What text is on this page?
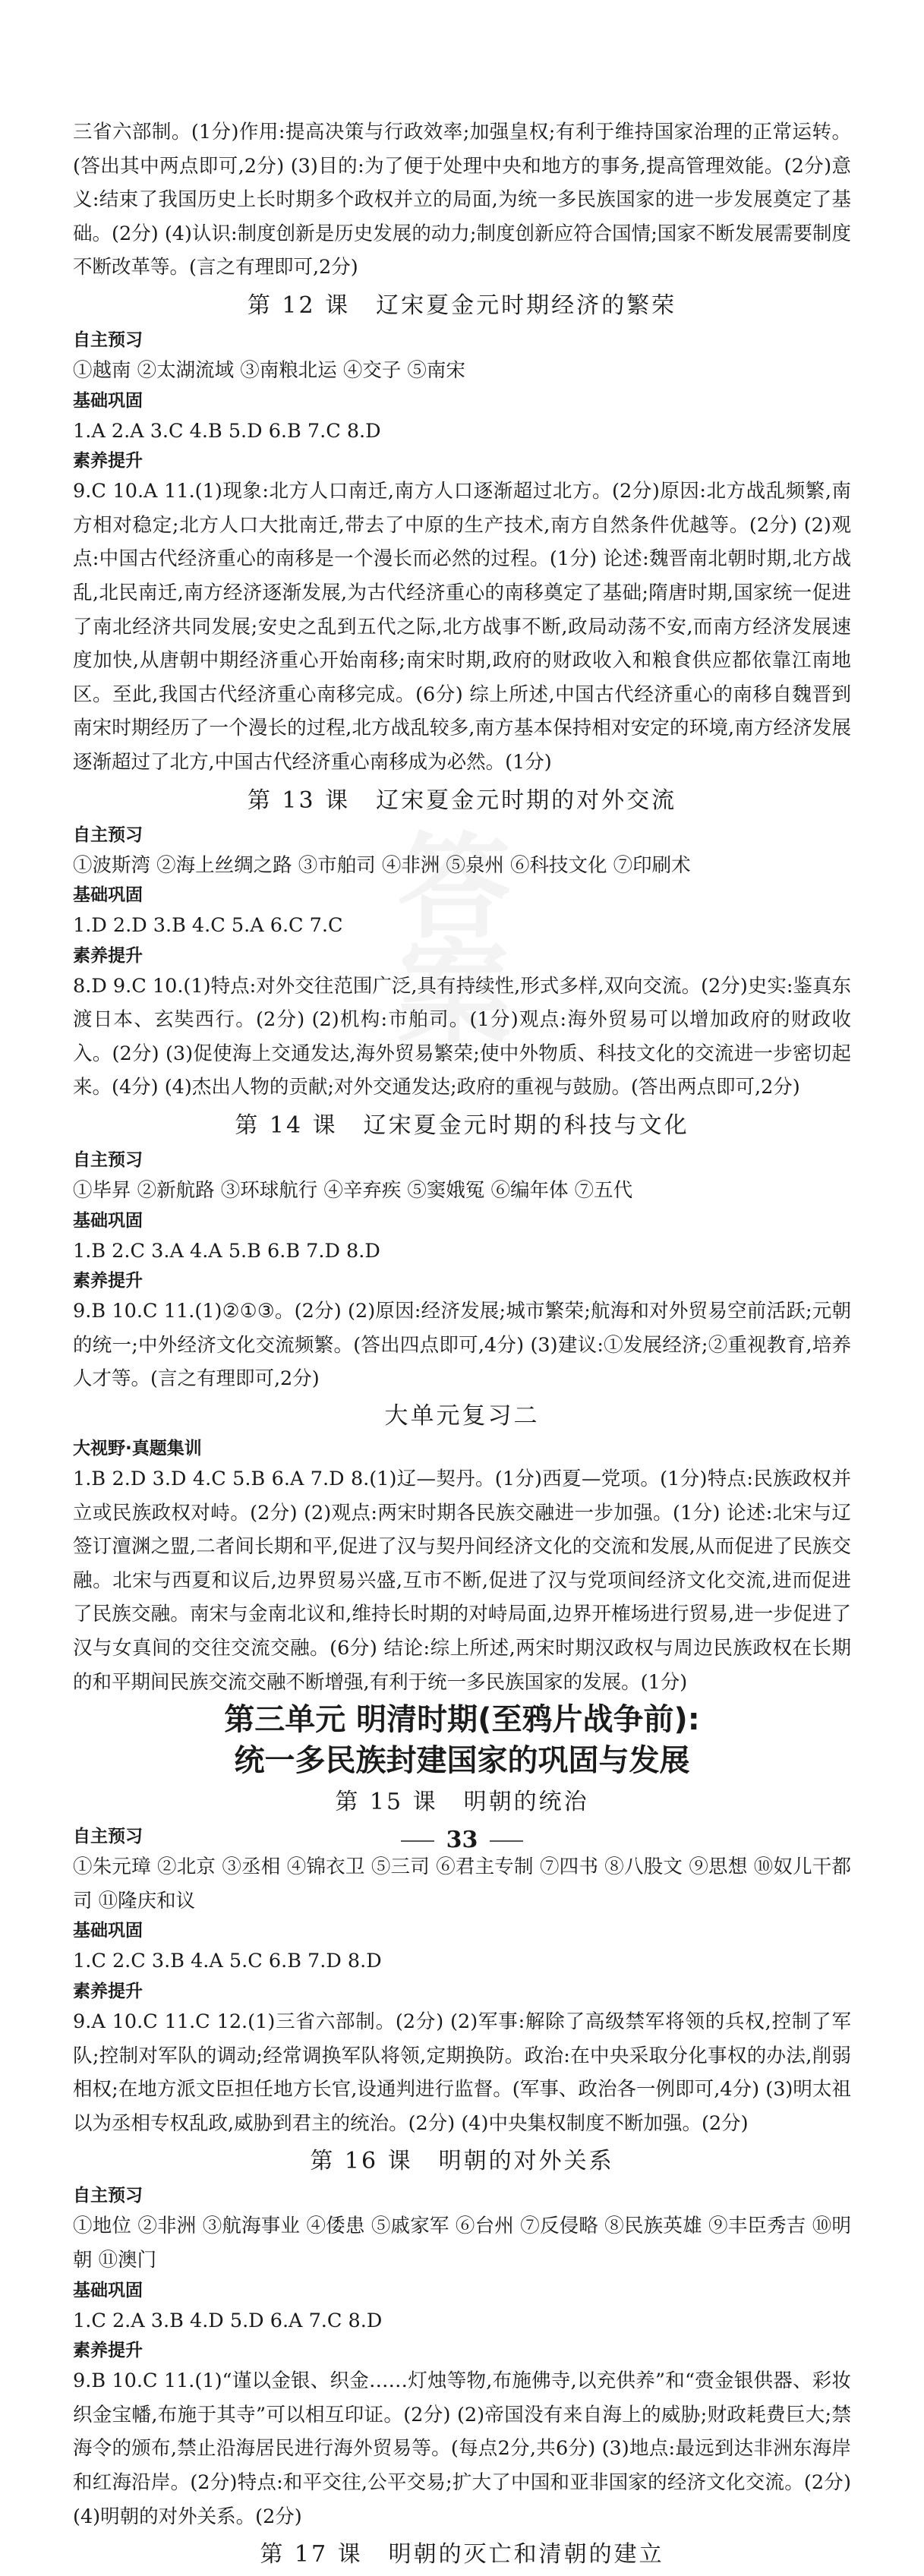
答
案

三省六部制。(1分)作用:提高决策与行政效率;加强皇权;有利于维持国家治理的正常运转。(答出其中两点即可,2分) (3)目的:为了便于处理中央和地方的事务,提高管理效能。(2分)意义:结束了我国历史上长时期多个政权并立的局面,为统一多民族国家的进一步发展奠定了基础。(2分) (4)认识:制度创新是历史发展的动力;制度创新应符合国情;国家不断发展需要制度不断改革等。(言之有理即可,2分)

第 12 课 辽宋夏金元时期经济的繁荣
自主预习

①越南 ②太湖流域 ③南粮北运 ④交子 ⑤南宋

基础巩固

1.A 2.A 3.C 4.B 5.D 6.B 7.C 8.D

素养提升

9.C 10.A 11.(1)现象:北方人口南迁,南方人口逐渐超过北方。(2分)原因:北方战乱频繁,南方相对稳定;北方人口大批南迁,带去了中原的生产技术,南方自然条件优越等。(2分) (2)观点:中国古代经济重心的南移是一个漫长而必然的过程。(1分) 论述:魏晋南北朝时期,北方战乱,北民南迁,南方经济逐渐发展,为古代经济重心的南移奠定了基础;隋唐时期,国家统一促进了南北经济共同发展;安史之乱到五代之际,北方战事不断,政局动荡不安,而南方经济发展速度加快,从唐朝中期经济重心开始南移;南宋时期,政府的财政收入和粮食供应都依靠江南地区。至此,我国古代经济重心南移完成。(6分) 综上所述,中国古代经济重心的南移自魏晋到南宋时期经历了一个漫长的过程,北方战乱较多,南方基本保持相对安定的环境,南方经济发展逐渐超过了北方,中国古代经济重心南移成为必然。(1分)

第 13 课 辽宋夏金元时期的对外交流
自主预习

①波斯湾 ②海上丝绸之路 ③市舶司 ④非洲 ⑤泉州 ⑥科技文化 ⑦印刷术

基础巩固

1.D 2.D 3.B 4.C 5.A 6.C 7.C

素养提升

8.D 9.C 10.(1)特点:对外交往范围广泛,具有持续性,形式多样,双向交流。(2分)史实:鉴真东渡日本、玄奘西行。(2分) (2)机构:市舶司。(1分)观点:海外贸易可以增加政府的财政收入。(2分) (3)促使海上交通发达,海外贸易繁荣;使中外物质、科技文化的交流进一步密切起来。(4分) (4)杰出人物的贡献;对外交通发达;政府的重视与鼓励。(答出两点即可,2分)

第 14 课 辽宋夏金元时期的科技与文化
自主预习

①毕昇 ②新航路 ③环球航行 ④辛弃疾 ⑤窦娥冤 ⑥编年体 ⑦五代

基础巩固

1.B 2.C 3.A 4.A 5.B 6.B 7.D 8.D

素养提升

9.B 10.C 11.(1)②①③。(2分) (2)原因:经济发展;城市繁荣;航海和对外贸易空前活跃;元朝的统一;中外经济文化交流频繁。(答出四点即可,4分) (3)建议:①发展经济;②重视教育,培养人才等。(言之有理即可,2分)

大单元复习二
大视野·真题集训

1.B 2.D 3.D 4.C 5.B 6.A 7.D 8.(1)辽—契丹。(1分)西夏—党项。(1分)特点:民族政权并立或民族政权对峙。(2分) (2)观点:两宋时期各民族交融进一步加强。(1分) 论述:北宋与辽签订澶渊之盟,二者间长期和平,促进了汉与契丹间经济文化的交流和发展,从而促进了民族交融。北宋与西夏和议后,边界贸易兴盛,互市不断,促进了汉与党项间经济文化交流,进而促进了民族交融。南宋与金南北议和,维持长时期的对峙局面,边界开榷场进行贸易,进一步促进了汉与女真间的交往交流交融。(6分) 结论:综上所述,两宋时期汉政权与周边民族政权在长期的和平期间民族交流交融不断增强,有利于统一多民族国家的发展。(1分)

第三单元 明清时期(至鸦片战争前):
统一多民族封建国家的巩固与发展
第 15 课 明朝的统治
自主预习

①朱元璋 ②北京 ③丞相 ④锦衣卫 ⑤三司 ⑥君主专制 ⑦四书 ⑧八股文 ⑨思想 ⑩奴儿干都司 ⑪隆庆和议

基础巩固

1.C 2.C 3.B 4.A 5.C 6.B 7.D 8.D

素养提升

9.A 10.C 11.C 12.(1)三省六部制。(2分) (2)军事:解除了高级禁军将领的兵权,控制了军队;控制对军队的调动;经常调换军队将领,定期换防。政治:在中央采取分化事权的办法,削弱相权;在地方派文臣担任地方长官,设通判进行监督。(军事、政治各一例即可,4分) (3)明太祖以为丞相专权乱政,威胁到君主的统治。(2分) (4)中央集权制度不断加强。(2分)

第 16 课 明朝的对外关系
自主预习

①地位 ②非洲 ③航海事业 ④倭患 ⑤戚家军 ⑥台州 ⑦反侵略 ⑧民族英雄 ⑨丰臣秀吉 ⑩明朝 ⑪澳门

基础巩固

1.C 2.A 3.B 4.D 5.D 6.A 7.C 8.D

素养提升

9.B 10.C 11.(1)“谨以金银、织金……灯烛等物,布施佛寺,以充供养”和“赍金银供器、彩妆织金宝幡,布施于其寺”可以相互印证。(2分) (2)帝国没有来自海上的威胁;财政耗费巨大;禁海令的颁布,禁止沿海居民进行海外贸易等。(每点2分,共6分) (3)地点:最远到达非洲东海岸和红海沿岸。(2分)特点:和平交往,公平交易;扩大了中国和亚非国家的经济文化交流。(2分) (4)明朝的对外关系。(2分)

第 17 课 明朝的灭亡和清朝的建立
33
